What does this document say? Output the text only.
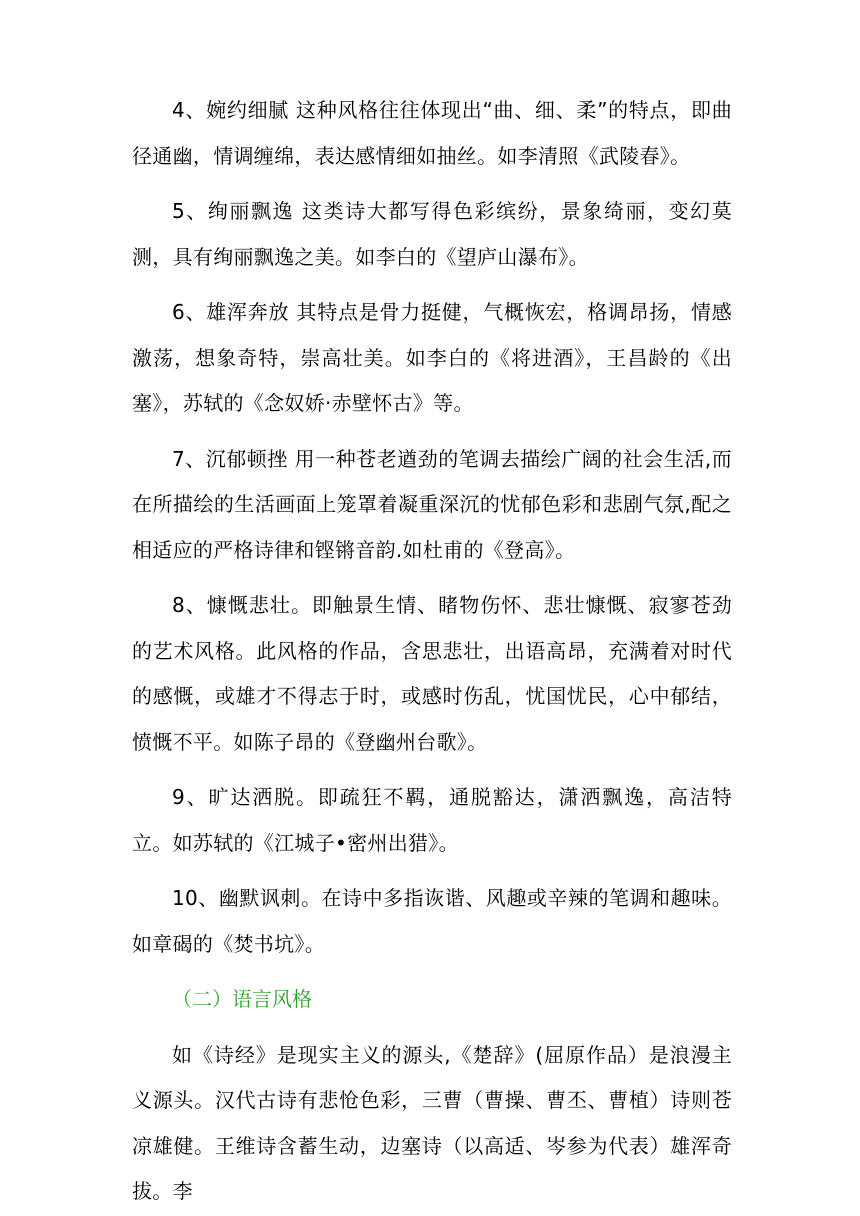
4、婉约细腻 这种风格往往体现出“曲、细、柔”的特点，即曲径通幽，情调缠绵，表达感情细如抽丝。如李清照《武陵春》。

5、绚丽飘逸 这类诗大都写得色彩缤纷，景象绮丽，变幻莫测，具有绚丽飘逸之美。如李白的《望庐山瀑布》。

6、雄浑奔放 其特点是骨力挺健，气概恢宏，格调昂扬，情感激荡，想象奇特，崇高壮美。如李白的《将进酒》，王昌龄的《出塞》，苏轼的《念奴娇·赤壁怀古》等。

7、沉郁顿挫 用一种苍老遒劲的笔调去描绘广阔的社会生活,而在所描绘的生活画面上笼罩着凝重深沉的忧郁色彩和悲剧气氛,配之相适应的严格诗律和铿锵音韵.如杜甫的《登高》。

8、慷慨悲壮。即触景生情、睹物伤怀、悲壮慷慨、寂寥苍劲的艺术风格。此风格的作品，含思悲壮，出语高昂，充满着对时代的感慨，或雄才不得志于时，或感时伤乱，忧国忧民，心中郁结，愤慨不平。如陈子昂的《登幽州台歌》。

9、旷达洒脱。即疏狂不羁，通脱豁达，潇洒飘逸，高洁特立。如苏轼的《江城子•密州出猎》。

10、幽默讽刺。在诗中多指诙谐、风趣或辛辣的笔调和趣味。如章碣的《焚书坑》。

（二）语言风格

如《诗经》是现实主义的源头,《楚辞》(屈原作品）是浪漫主义源头。汉代古诗有悲怆色彩，三曹（曹操、曹丕、曹植）诗则苍凉雄健。王维诗含蓄生动，边塞诗（以高适、岑参为代表）雄浑奇拔。李
